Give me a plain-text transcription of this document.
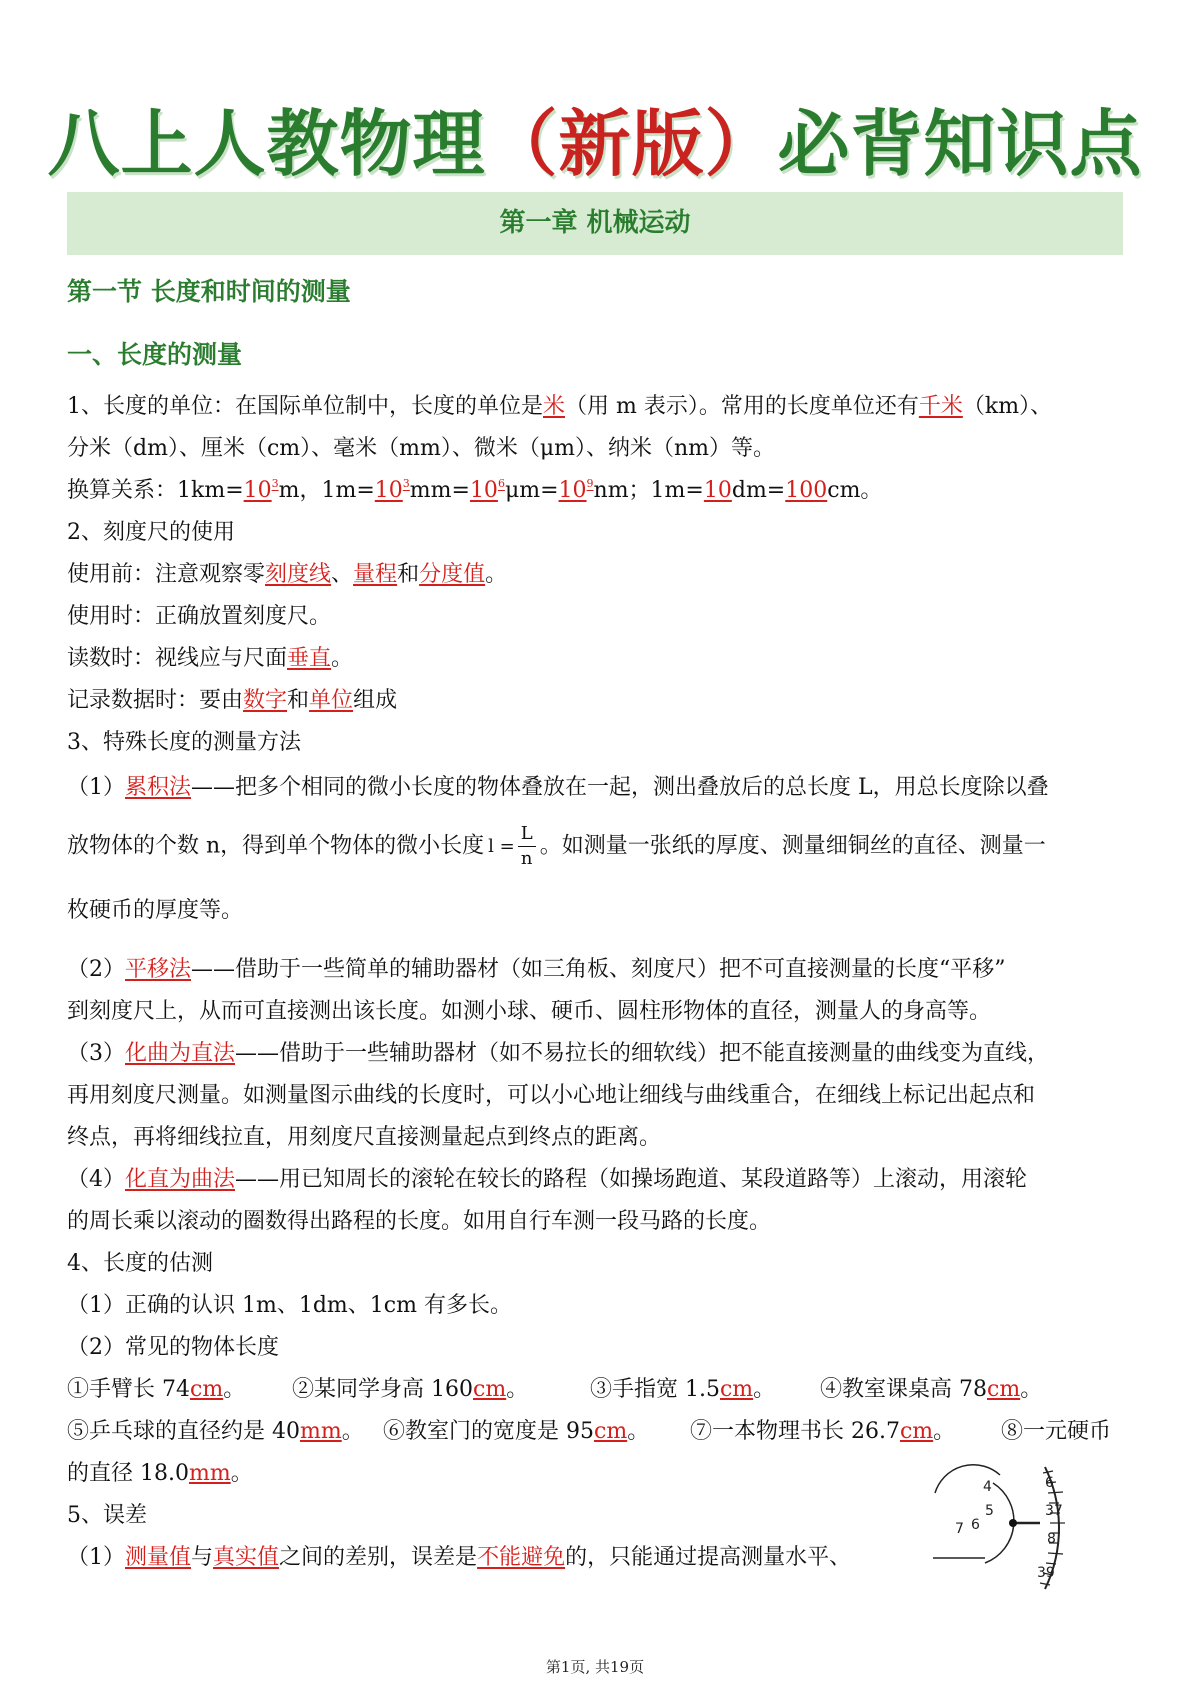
八上人教物理（新版）必背知识点
第一章 机械运动
第一节 长度和时间的测量
一、长度的测量
1、长度的单位：在国际单位制中，长度的单位是米（用 m 表示）。常用的长度单位还有千米（km）、
分米（dm）、厘米（cm）、毫米（mm）、微米（μm）、纳米（nm）等。
换算关系：$1km=10^3m$，$1m=10^3mm=10^6\mu m=10^9nm$；1m=10dm=100cm。
2、刻度尺的使用
使用前：注意观察零刻度线、量程和分度值。
使用时：正确放置刻度尺。
读数时：视线应与尺面垂直。
记录数据时：要由数字和单位组成
3、特殊长度的测量方法
（1）累积法——把多个相同的微小长度的物体叠放在一起，测出叠放后的总长度 L，用总长度除以叠
放物体的个数 n，得到单个物体的微小长度 $l = \frac{L}{n}$ 。如测量一张纸的厚度、测量细铜丝的直径、测量一
枚硬币的厚度等。
（2）平移法——借助于一些简单的辅助器材（如三角板、刻度尺）把不可直接测量的长度“平移”
到刻度尺上，从而可直接测出该长度。如测小球、硬币、圆柱形物体的直径，测量人的身高等。
（3）化曲为直法——借助于一些辅助器材（如不易拉长的细软线）把不能直接测量的曲线变为直线，
再用刻度尺测量。如测量图示曲线的长度时，可以小心地让细线与曲线重合，在细线上标记出起点和
终点，再将细线拉直，用刻度尺直接测量起点到终点的距离。
（4）化直为曲法——用已知周长的滚轮在较长的路程（如操场跑道、某段道路等）上滚动，用滚轮
的周长乘以滚动的圈数得出路程的长度。如用自行车测一段马路的长度。
4、长度的估测
（1）正确的认识 1m、1dm、1cm 有多长。
（2）常见的物体长度
①手臂长 74cm。 ②某同学身高 160cm。	③手指宽 1.5cm。 ④教室课桌高 78cm。
⑤乒乓球的直径约是 40mm。 ⑥教室门的宽度是 95cm。 ⑦一本物理书长 26.7cm。 ⑧一元硬币
的直径 18.0mm。
5、误差
（1）测量值与真实值之间的差别，误差是不能避免的，只能通过提高测量水平、
4
5
6
7
6
37
8
39
第1页, 共19页
